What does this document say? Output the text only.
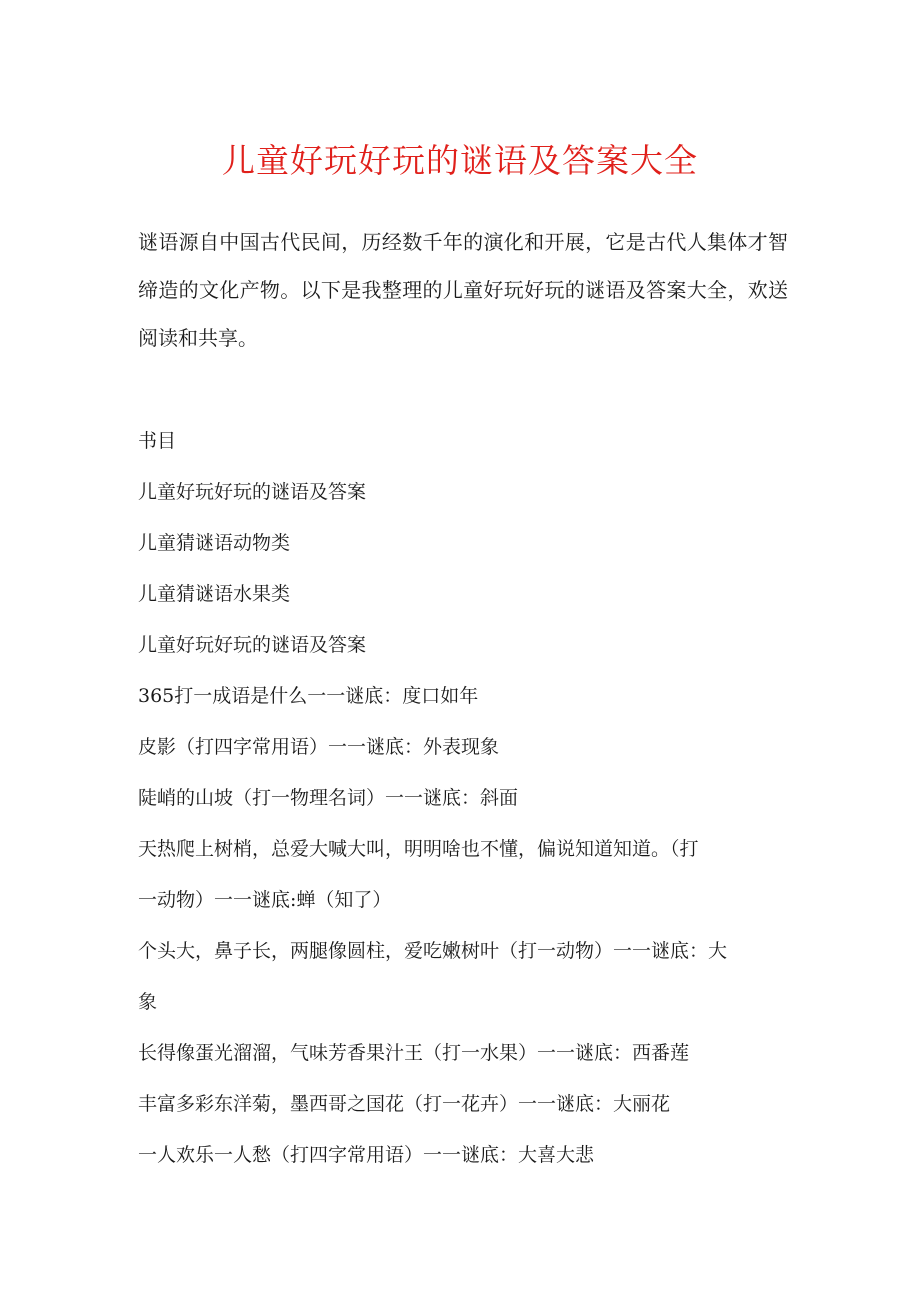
儿童好玩好玩的谜语及答案大全

谜语源自中国古代民间，历经数千年的演化和开展，它是古代人集体才智缔造的文化产物。以下是我整理的儿童好玩好玩的谜语及答案大全，欢送阅读和共享。

书目
儿童好玩好玩的谜语及答案
儿童猜谜语动物类
儿童猜谜语水果类
儿童好玩好玩的谜语及答案
365打一成语是什么一一谜底：度口如年
皮影（打四字常用语）一一谜底：外表现象
陡峭的山坡（打一物理名词）一一谜底：斜面
天热爬上树梢，总爱大喊大叫，明明啥也不懂，偏说知道知道。（打
一动物）一一谜底:蝉（知了）
个头大，鼻子长，两腿像圆柱，爱吃嫩树叶（打一动物）一一谜底：大
象
长得像蛋光溜溜，气味芳香果汁王（打一水果）一一谜底：西番莲
丰富多彩东洋菊，墨西哥之国花（打一花卉）一一谜底：大丽花
一人欢乐一人愁（打四字常用语）一一谜底：大喜大悲
